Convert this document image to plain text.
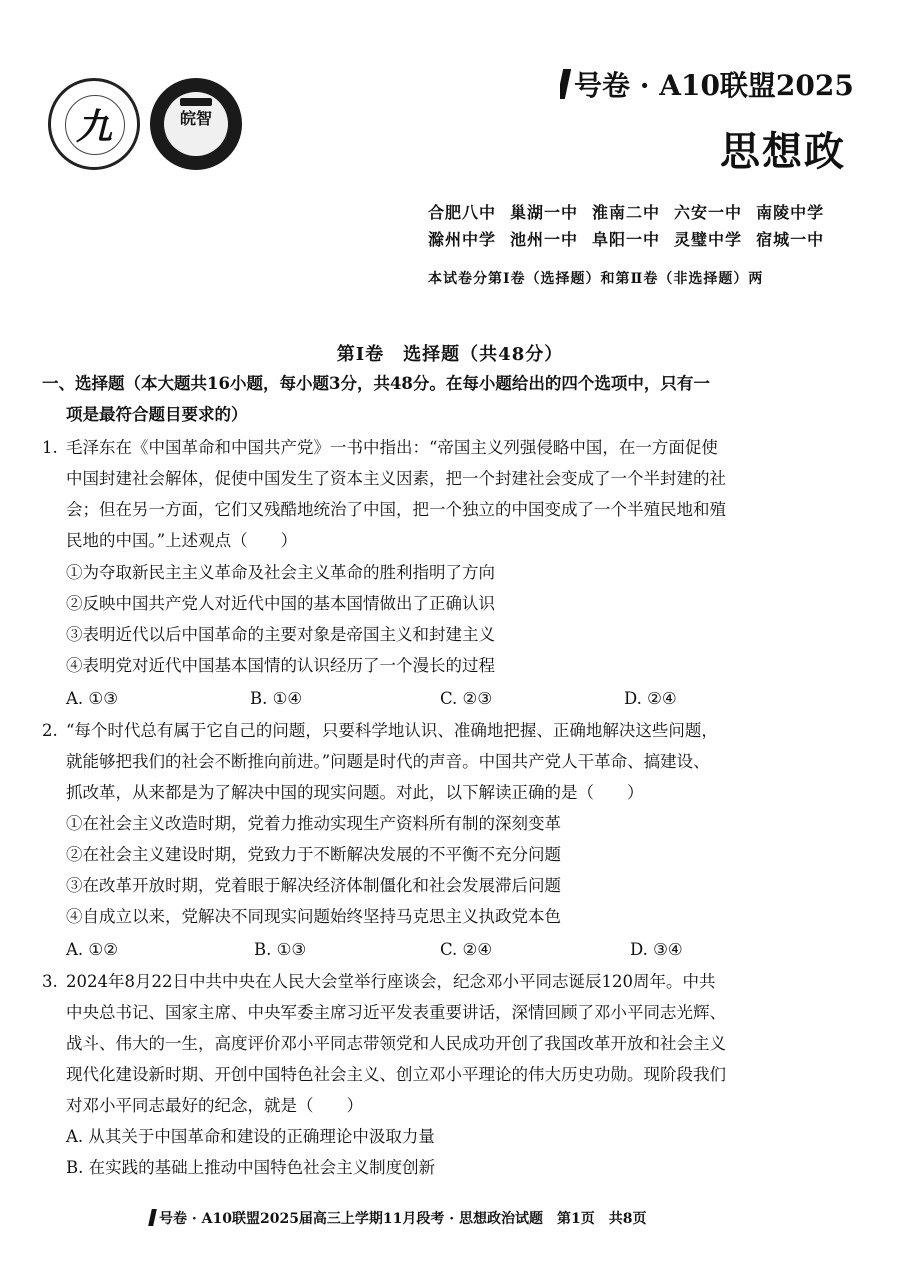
九	皖智
号卷 · A10联盟2025
思想政
合肥八中 巢湖一中 淮南二中 六安一中 南陵中学
滁州中学 池州一中 阜阳一中 灵璧中学 宿城一中
本试卷分第Ⅰ卷（选择题）和第Ⅱ卷（非选择题）两
第Ⅰ卷　选择题（共48分）
一、选择题（本大题共16小题，每小题3分，共48分。在每小题给出的四个选项中，只有一
项是最符合题目要求的）
1. 毛泽东在《中国革命和中国共产党》一书中指出：“帝国主义列强侵略中国，在一方面促使
中国封建社会解体，促使中国发生了资本主义因素，把一个封建社会变成了一个半封建的社
会；但在另一方面，它们又残酷地统治了中国，把一个独立的中国变成了一个半殖民地和殖
民地的中国。”上述观点（　　）
①为夺取新民主主义革命及社会主义革命的胜利指明了方向
②反映中国共产党人对近代中国的基本国情做出了正确认识
③表明近代以后中国革命的主要对象是帝国主义和封建主义
④表明党对近代中国基本国情的认识经历了一个漫长的过程
A. ①③	B. ①④	C. ②③	D. ②④
2. “每个时代总有属于它自己的问题，只要科学地认识、准确地把握、正确地解决这些问题，
就能够把我们的社会不断推向前进。”问题是时代的声音。中国共产党人干革命、搞建设、
抓改革，从来都是为了解决中国的现实问题。对此，以下解读正确的是（　　）
①在社会主义改造时期，党着力推动实现生产资料所有制的深刻变革
②在社会主义建设时期，党致力于不断解决发展的不平衡不充分问题
③在改革开放时期，党着眼于解决经济体制僵化和社会发展滞后问题
④自成立以来，党解决不同现实问题始终坚持马克思主义执政党本色
A. ①②	B. ①③	C. ②④	D. ③④
3. 2024年8月22日中共中央在人民大会堂举行座谈会，纪念邓小平同志诞辰120周年。中共
中央总书记、国家主席、中央军委主席习近平发表重要讲话，深情回顾了邓小平同志光辉、
战斗、伟大的一生，高度评价邓小平同志带领党和人民成功开创了我国改革开放和社会主义
现代化建设新时期、开创中国特色社会主义、创立邓小平理论的伟大历史功勋。现阶段我们
对邓小平同志最好的纪念，就是（　　）
A. 从其关于中国革命和建设的正确理论中汲取力量
B. 在实践的基础上推动中国特色社会主义制度创新
号卷 · A10联盟2025届高三上学期11月段考 · 思想政治试题　第1页　共8页
